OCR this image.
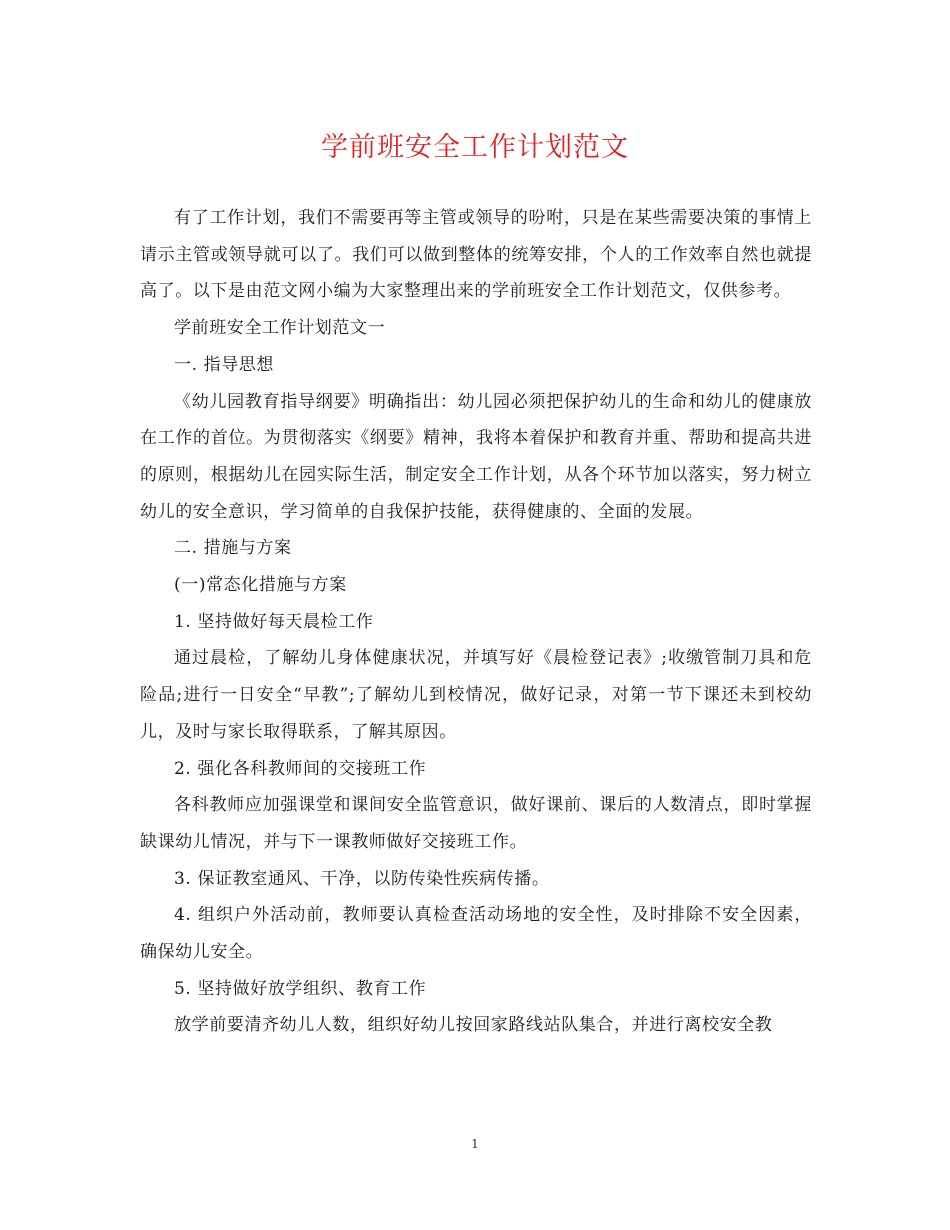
学前班安全工作计划范文

有了工作计划，我们不需要再等主管或领导的吩咐，只是在某些需要决策的事情上请示主管或领导就可以了。我们可以做到整体的统筹安排，个人的工作效率自然也就提高了。以下是由范文网小编为大家整理出来的学前班安全工作计划范文，仅供参考。

学前班安全工作计划范文一

一. 指导思想

《幼儿园教育指导纲要》明确指出：幼儿园必须把保护幼儿的生命和幼儿的健康放在工作的首位。为贯彻落实《纲要》精神，我将本着保护和教育并重、帮助和提高共进的原则，根据幼儿在园实际生活，制定安全工作计划，从各个环节加以落实，努力树立幼儿的安全意识，学习简单的自我保护技能，获得健康的、全面的发展。

二. 措施与方案

(一)常态化措施与方案

1. 坚持做好每天晨检工作

通过晨检，了解幼儿身体健康状况，并填写好《晨检登记表》;收缴管制刀具和危险品;进行一日安全“早教”;了解幼儿到校情况，做好记录，对第一节下课还未到校幼儿，及时与家长取得联系，了解其原因。

2. 强化各科教师间的交接班工作

各科教师应加强课堂和课间安全监管意识，做好课前、课后的人数清点，即时掌握缺课幼儿情况，并与下一课教师做好交接班工作。

3. 保证教室通风、干净，以防传染性疾病传播。

4. 组织户外活动前，教师要认真检查活动场地的安全性，及时排除不安全因素，确保幼儿安全。

5. 坚持做好放学组织、教育工作

放学前要清齐幼儿人数，组织好幼儿按回家路线站队集合，并进行离校安全教

1
